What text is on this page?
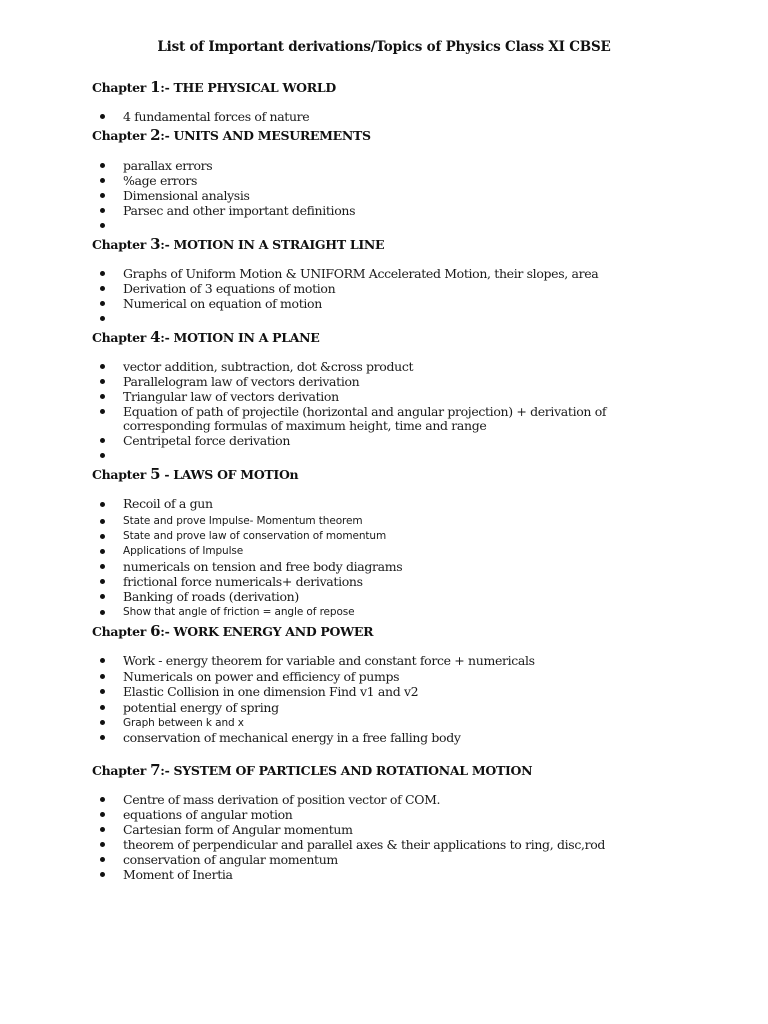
List of Important derivations/Topics of Physics Class XI CBSE
Chapter 1:- THE PHYSICAL WORLD
4 fundamental forces of nature
Chapter 2:- UNITS AND MESUREMENTS
parallax errors
%age errors
Dimensional analysis
Parsec and other important definitions
Chapter 3:- MOTION IN A STRAIGHT LINE
Graphs of Uniform Motion & UNIFORM Accelerated Motion, their slopes, area
Derivation of 3 equations of motion
Numerical on equation of motion
Chapter 4:- MOTION IN A PLANE
vector addition, subtraction, dot &cross product
Parallelogram law of vectors derivation
Triangular law of vectors derivation
Equation of path of projectile (horizontal and angular projection) + derivation of corresponding formulas of maximum height, time and range
Centripetal force derivation
Chapter 5 - LAWS OF MOTIOn
Recoil of a gun
State and prove Impulse- Momentum theorem
State and prove law of conservation of momentum
Applications of Impulse
numericals on tension and free body diagrams
frictional force numericals+ derivations
Banking of roads (derivation)
Show that angle of friction = angle of repose
Chapter 6:- WORK ENERGY AND POWER
Work - energy theorem for variable and constant force + numericals
Numericals on power and efficiency of pumps
Elastic Collision in one dimension Find v1 and v2
potential energy of spring
Graph between k and x
conservation of mechanical energy in a free falling body
Chapter 7:- SYSTEM OF PARTICLES AND ROTATIONAL MOTION
Centre of mass derivation of position vector of COM.
equations of angular motion
Cartesian form of Angular momentum
theorem of perpendicular and parallel axes & their applications to ring, disc,rod
conservation of angular momentum
Moment of Inertia
